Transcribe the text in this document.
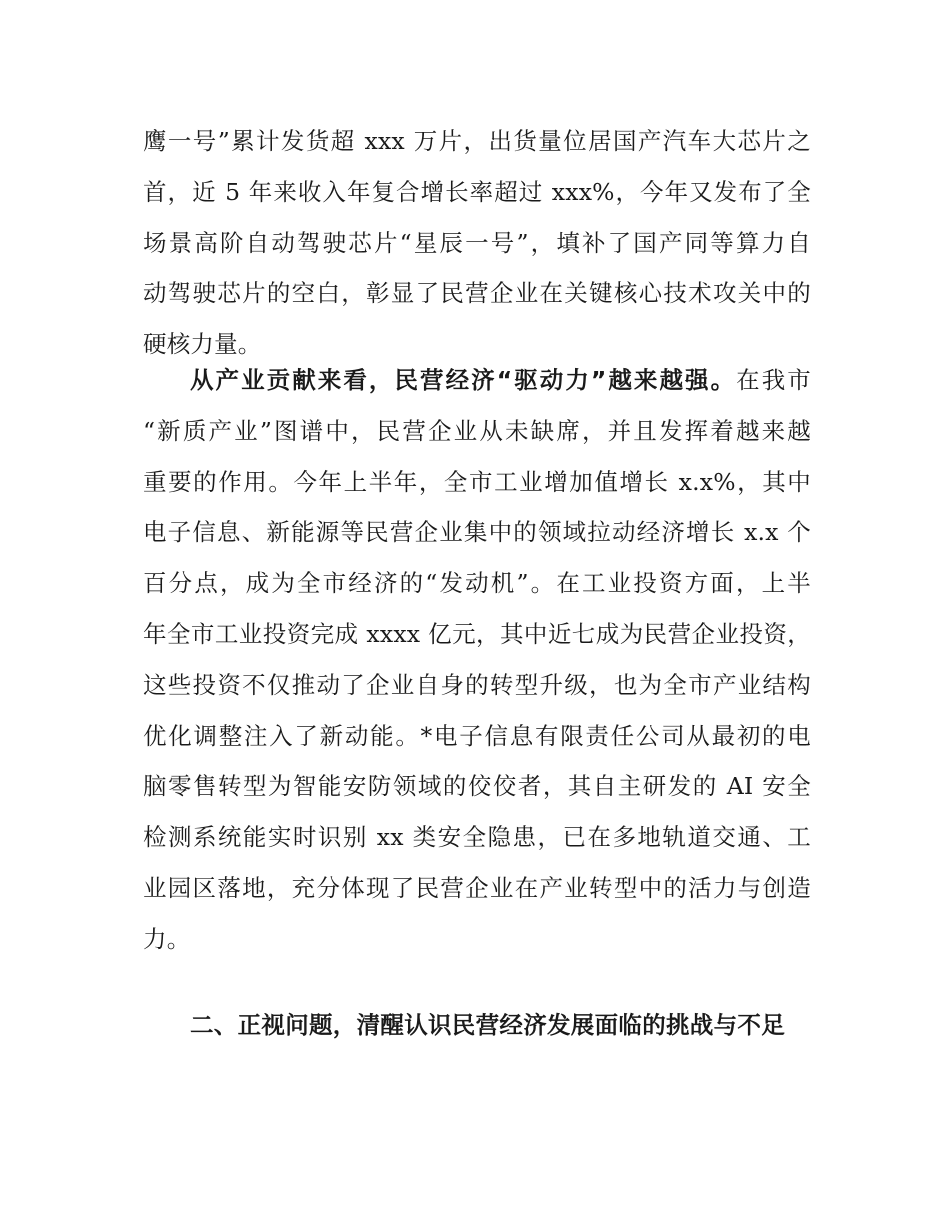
鹰一号”累计发货超 xxx 万片，出货量位居国产汽车大芯片之
首，近 5 年来收入年复合增长率超过 xxx%，今年又发布了全
场景高阶自动驾驶芯片“星辰一号”，填补了国产同等算力自
动驾驶芯片的空白，彰显了民营企业在关键核心技术攻关中的
硬核力量。

从产业贡献来看，民营经济“驱动力”越来越强。在我市
“新质产业”图谱中，民营企业从未缺席，并且发挥着越来越
重要的作用。今年上半年，全市工业增加值增长 x.x%，其中
电子信息、新能源等民营企业集中的领域拉动经济增长 x.x 个
百分点，成为全市经济的“发动机”。在工业投资方面，上半
年全市工业投资完成 xxxx 亿元，其中近七成为民营企业投资，
这些投资不仅推动了企业自身的转型升级，也为全市产业结构
优化调整注入了新动能。*电子信息有限责任公司从最初的电
脑零售转型为智能安防领域的佼佼者，其自主研发的 AI 安全
检测系统能实时识别 xx 类安全隐患，已在多地轨道交通、工
业园区落地，充分体现了民营企业在产业转型中的活力与创造
力。

二、正视问题，清醒认识民营经济发展面临的挑战与不足
